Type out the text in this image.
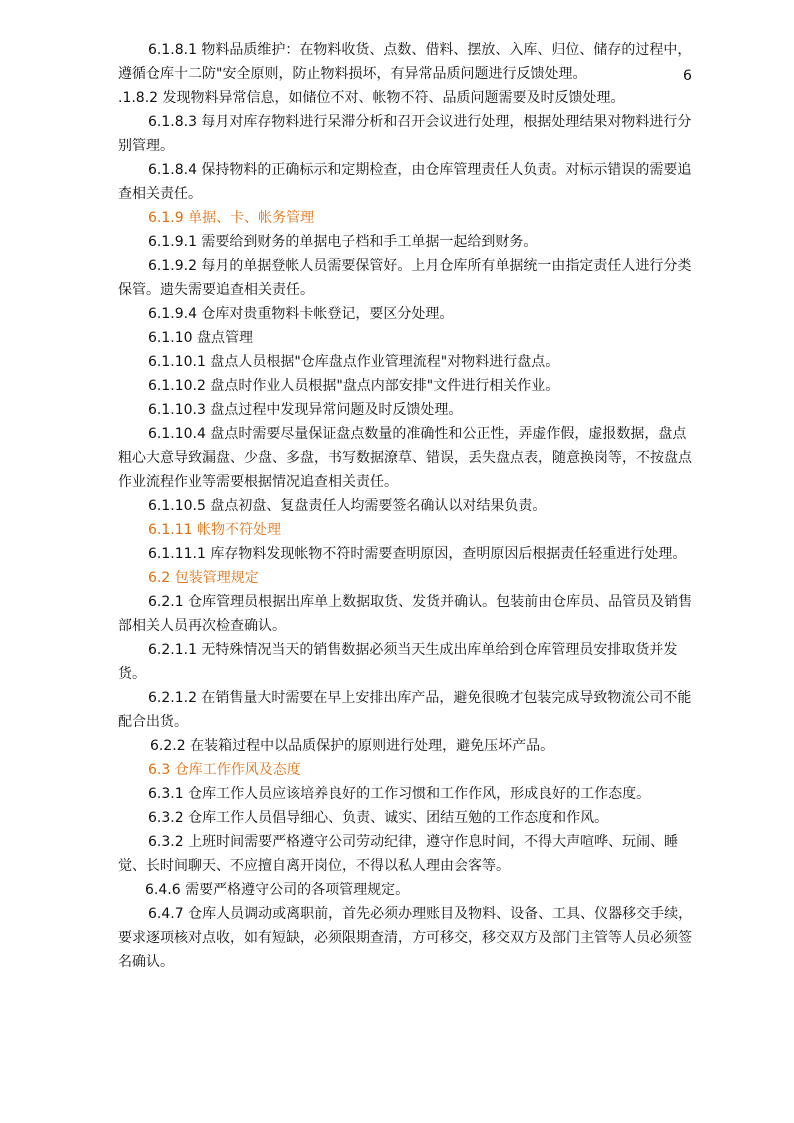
6

6.1.8.1 物料品质维护：在物料收货、点数、借料、摆放、入库、归位、储存的过程中，遵循仓库十二防"安全原则，防止物料损坏，有异常品质问题进行反馈处理。

.1.8.2 发现物料异常信息，如储位不对、帐物不符、品质问题需要及时反馈处理。

6.1.8.3 每月对库存物料进行呆滞分析和召开会议进行处理，根据处理结果对物料进行分别管理。

6.1.8.4 保持物料的正确标示和定期检查，由仓库管理责任人负责。对标示错误的需要追查相关责任。

6.1.9 单据、卡、帐务管理

6.1.9.1 需要给到财务的单据电子档和手工单据一起给到财务。

6.1.9.2 每月的单据登帐人员需要保管好。上月仓库所有单据统一由指定责任人进行分类保管。遗失需要追查相关责任。

6.1.9.4 仓库对贵重物料卡帐登记，要区分处理。

6.1.10 盘点管理

6.1.10.1 盘点人员根据"仓库盘点作业管理流程"对物料进行盘点。

6.1.10.2 盘点时作业人员根据"盘点内部安排"文件进行相关作业。

6.1.10.3 盘点过程中发现异常问题及时反馈处理。

6.1.10.4 盘点时需要尽量保证盘点数量的准确性和公正性，弄虚作假，虚报数据，盘点粗心大意导致漏盘、少盘、多盘，书写数据潦草、错误，丢失盘点表，随意换岗等，不按盘点作业流程作业等需要根据情况追查相关责任。

6.1.10.5 盘点初盘、复盘责任人均需要签名确认以对结果负责。

6.1.11 帐物不符处理

6.1.11.1 库存物料发现帐物不符时需要查明原因，查明原因后根据责任轻重进行处理。

6.2 包装管理规定

6.2.1 仓库管理员根据出库单上数据取货、发货并确认。包装前由仓库员、品管员及销售部相关人员再次检查确认。

6.2.1.1 无特殊情况当天的销售数据必须当天生成出库单给到仓库管理员安排取货并发货。

6.2.1.2 在销售量大时需要在早上安排出库产品，避免很晚才包装完成导致物流公司不能配合出货。

6.2.2 在装箱过程中以品质保护的原则进行处理，避免压坏产品。

6.3 仓库工作作风及态度

6.3.1 仓库工作人员应该培养良好的工作习惯和工作作风，形成良好的工作态度。

6.3.2 仓库工作人员倡导细心、负责、诚实、团结互勉的工作态度和作风。

6.3.2 上班时间需要严格遵守公司劳动纪律，遵守作息时间，不得大声喧哗、玩闹、睡觉、长时间聊天、不应擅自离开岗位，不得以私人理由会客等。

6.4.6 需要严格遵守公司的各项管理规定。

6.4.7 仓库人员调动或离职前，首先必须办理账目及物料、设备、工具、仪器移交手续，要求逐项核对点收，如有短缺，必须限期查清，方可移交，移交双方及部门主管等人员必须签名确认。
